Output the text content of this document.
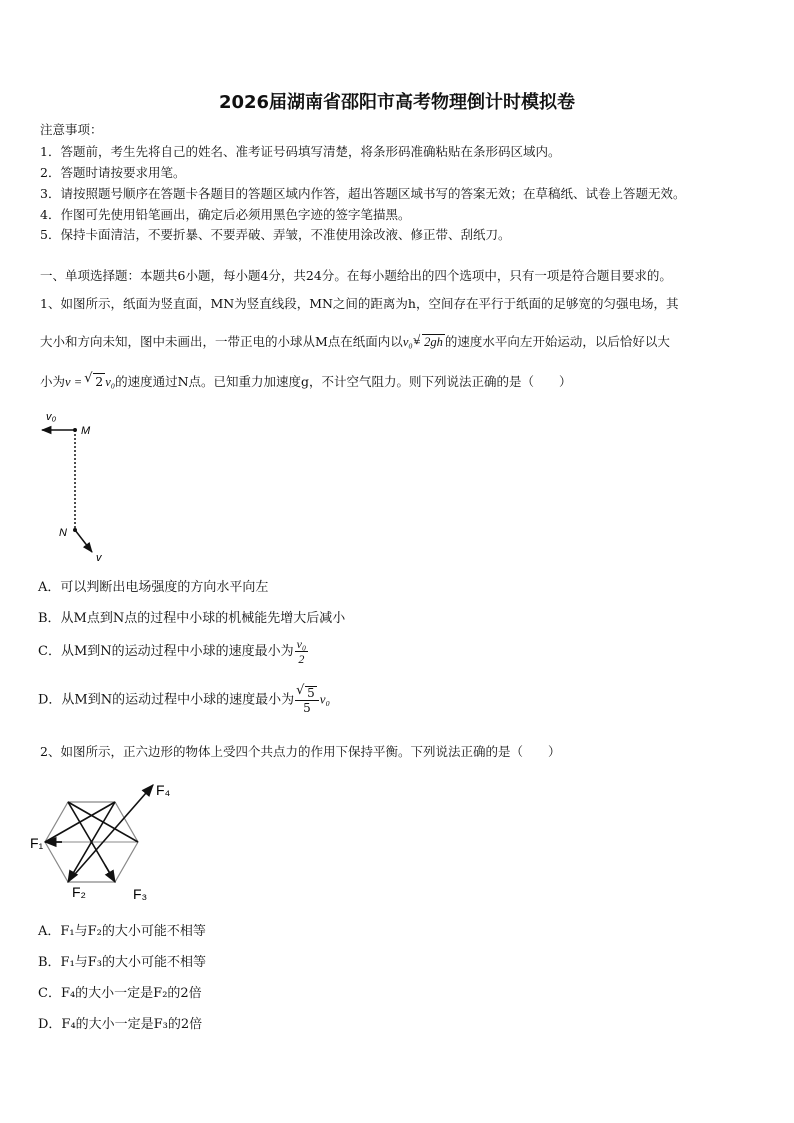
2026届湖南省邵阳市高考物理倒计时模拟卷
注意事项：
1．答题前，考生先将自己的姓名、准考证号码填写清楚，将条形码准确粘贴在条形码区域内。
2．答题时请按要求用笔。
3．请按照题号顺序在答题卡各题目的答题区域内作答，超出答题区域书写的答案无效；在草稿纸、试卷上答题无效。
4．作图可先使用铅笔画出，确定后必须用黑色字迹的签字笔描黑。
5．保持卡面清洁，不要折暴、不要弄破、弄皱，不准使用涂改液、修正带、刮纸刀。
一、单项选择题：本题共6小题，每小题4分，共24分。在每小题给出的四个选项中，只有一项是符合题目要求的。
1、如图所示，纸面为竖直面，MN为竖直线段，MN之间的距离为h，空间存在平行于纸面的足够宽的匀强电场，其
大小和方向未知，图中未画出，一带正电的小球从M点在纸面内以v₀= √ 2gh 的速度水平向左开始运动，以后恰好以大
小为v = √ 2 v₀的速度通过N点。已知重力加速度g，不计空气阻力。则下列说法正确的是（　　）
v₀
M
N
v
A．可以判断出电场强度的方向水平向左
B．从M点到N点的过程中小球的机械能先增大后减小
C．从M到N的运动过程中小球的速度最小为 $\frac{\text{v₀}}{2}$
D．从M到N的运动过程中小球的速度最小为 √ $\frac{5}{5} v_0$
2、如图所示，正六边形的物体上受四个共点力的作用下保持平衡。下列说法正确的是（　　）
F₄
F₁
F₂	F₃
A．F₁与F₂的大小可能不相等
B．F₁与F₃的大小可能不相等
C．F₄的大小一定是F₂的2倍
D．F₄的大小一定是F₃的2倍
